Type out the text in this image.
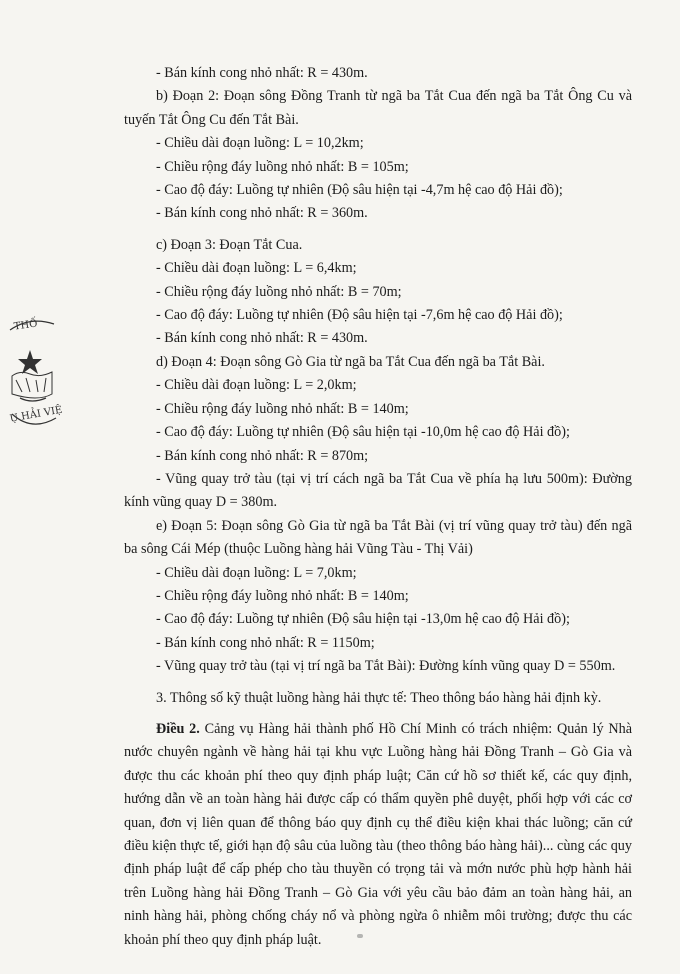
THỐ
Ụ HẢI VIỆ

- Bán kính cong nhỏ nhất: R = 430m.

b) Đoạn 2: Đoạn sông Đồng Tranh từ ngã ba Tắt Cua đến ngã ba Tắt Ông Cu và tuyến Tắt Ông Cu đến Tắt Bài.

- Chiều dài đoạn luồng: L = 10,2km;

- Chiều rộng đáy luồng nhỏ nhất: B = 105m;

- Cao độ đáy: Luồng tự nhiên (Độ sâu hiện tại -4,7m hệ cao độ Hải đồ);

- Bán kính cong nhỏ nhất: R = 360m.

c) Đoạn 3: Đoạn Tắt Cua.

- Chiều dài đoạn luồng: L = 6,4km;

- Chiều rộng đáy luồng nhỏ nhất: B = 70m;

- Cao độ đáy: Luồng tự nhiên (Độ sâu hiện tại -7,6m hệ cao độ Hải đồ);

- Bán kính cong nhỏ nhất: R = 430m.

d) Đoạn 4: Đoạn sông Gò Gia từ ngã ba Tắt Cua đến ngã ba Tắt Bài.

- Chiều dài đoạn luồng: L = 2,0km;

- Chiều rộng đáy luồng nhỏ nhất: B = 140m;

- Cao độ đáy: Luồng tự nhiên (Độ sâu hiện tại -10,0m hệ cao độ Hải đồ);

- Bán kính cong nhỏ nhất: R = 870m;

- Vũng quay trở tàu (tại vị trí cách ngã ba Tắt Cua về phía hạ lưu 500m): Đường kính vũng quay D = 380m.

e) Đoạn 5: Đoạn sông Gò Gia từ ngã ba Tắt Bài (vị trí vũng quay trở tàu) đến ngã ba sông Cái Mép (thuộc Luồng hàng hải Vũng Tàu - Thị Vải)

- Chiều dài đoạn luồng: L = 7,0km;

- Chiều rộng đáy luồng nhỏ nhất: B = 140m;

- Cao độ đáy: Luồng tự nhiên (Độ sâu hiện tại -13,0m hệ cao độ Hải đồ);

- Bán kính cong nhỏ nhất: R = 1150m;

- Vũng quay trở tàu (tại vị trí ngã ba Tắt Bài): Đường kính vũng quay D = 550m.

3. Thông số kỹ thuật luồng hàng hải thực tế: Theo thông báo hàng hải định kỳ.

Điều 2. Cảng vụ Hàng hải thành phố Hồ Chí Minh có trách nhiệm: Quản lý Nhà nước chuyên ngành về hàng hải tại khu vực Luồng hàng hải Đồng Tranh – Gò Gia và được thu các khoản phí theo quy định pháp luật; Căn cứ hồ sơ thiết kế, các quy định, hướng dẫn về an toàn hàng hải được cấp có thẩm quyền phê duyệt, phối hợp với các cơ quan, đơn vị liên quan để thông báo quy định cụ thể điều kiện khai thác luồng; căn cứ điều kiện thực tế, giới hạn độ sâu của luồng tàu (theo thông báo hàng hải)... cùng các quy định pháp luật để cấp phép cho tàu thuyền có trọng tải và mớn nước phù hợp hành hải trên Luồng hàng hải Đồng Tranh – Gò Gia với yêu cầu bảo đảm an toàn hàng hải, an ninh hàng hải, phòng chống cháy nổ và phòng ngừa ô nhiễm môi trường; được thu các khoản phí theo quy định pháp luật.
